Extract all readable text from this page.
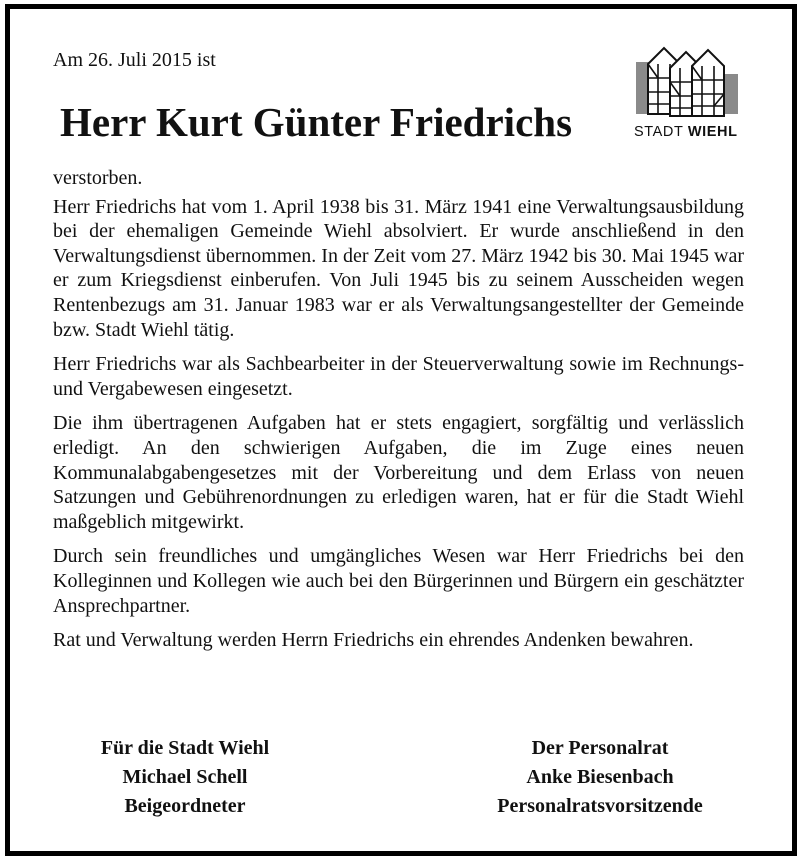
Am 26. Juli 2015 ist
Herr Kurt Günter Friedrichs	STADT WIEHL

verstorben.

Herr Friedrichs hat vom 1. April 1938 bis 31. März 1941 eine Verwaltungsausbildung bei der ehemaligen Gemeinde Wiehl absolviert. Er wurde anschließend in den Verwaltungsdienst übernommen. In der Zeit vom 27. März 1942 bis 30. Mai 1945 war er zum Kriegsdienst einberufen. Von Juli 1945 bis zu seinem Ausscheiden wegen Rentenbezugs am 31. Januar 1983 war er als Verwaltungsangestellter der Gemeinde bzw. Stadt Wiehl tätig.

Herr Friedrichs war als Sachbearbeiter in der Steuerverwaltung sowie im Rechnungs- und Vergabewesen eingesetzt.

Die ihm übertragenen Aufgaben hat er stets engagiert, sorgfältig und verlässlich erledigt. An den schwierigen Aufgaben, die im Zuge eines neuen Kommunalabgabengesetzes mit der Vorbereitung und dem Erlass von neuen Satzungen und Gebührenordnungen zu erledigen waren, hat er für die Stadt Wiehl maßgeblich mitgewirkt.

Durch sein freundliches und umgängliches Wesen war Herr Friedrichs bei den Kolleginnen und Kollegen wie auch bei den Bürgerinnen und Bürgern ein geschätzter Ansprechpartner.

Rat und Verwaltung werden Herrn Friedrichs ein ehrendes Andenken bewahren.

Für die Stadt Wiehl
Michael Schell
Beigeordneter
Der Personalrat
Anke Biesenbach
Personalratsvorsitzende
